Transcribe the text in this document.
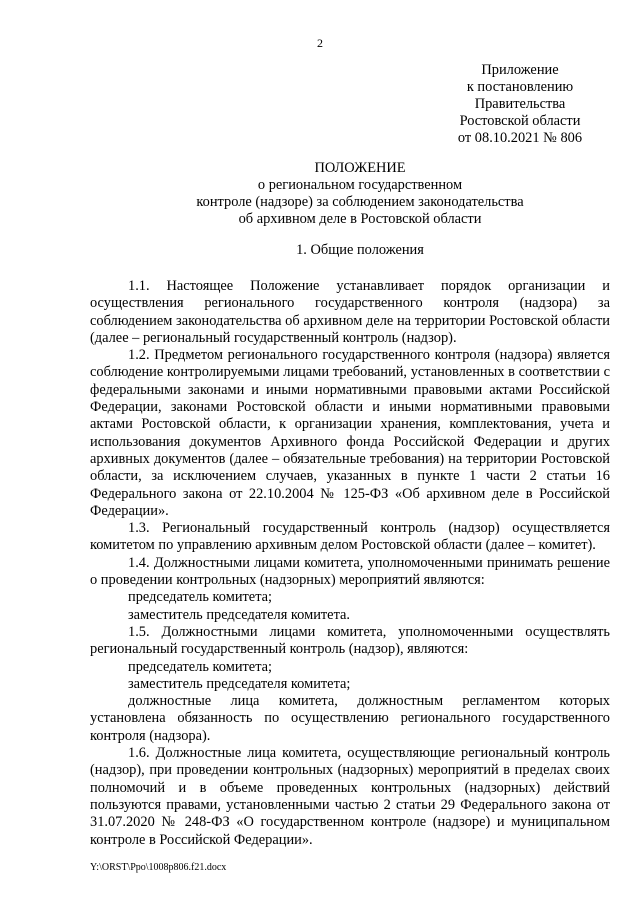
2
Приложение
к постановлению
Правительства
Ростовской области
от 08.10.2021 № 806
ПОЛОЖЕНИЕ
о региональном государственном
контроле (надзоре) за соблюдением законодательства
об архивном деле в Ростовской области
1. Общие положения

1.1. Настоящее Положение устанавливает порядок организации и осуществления регионального государственного контроля (надзора) за соблюдением законодательства об архивном деле на территории Ростовской области (далее – региональный государственный контроль (надзор).

1.2. Предметом регионального государственного контроля (надзора) является соблюдение контролируемыми лицами требований, установленных в соответствии с федеральными законами и иными нормативными правовыми актами Российской Федерации, законами Ростовской области и иными нормативными правовыми актами Ростовской области, к организации хранения, комплектования, учета и использования документов Архивного фонда Российской Федерации и других архивных документов (далее – обязательные требования) на территории Ростовской области, за исключением случаев, указанных в пункте 1 части 2 статьи 16 Федерального закона от 22.10.2004 № 125-ФЗ «Об архивном деле в Российской Федерации».

1.3. Региональный государственный контроль (надзор) осуществляется комитетом по управлению архивным делом Ростовской области (далее – комитет).

1.4. Должностными лицами комитета, уполномоченными принимать решение о проведении контрольных (надзорных) мероприятий являются:

председатель комитета;

заместитель председателя комитета.

1.5. Должностными лицами комитета, уполномоченными осуществлять региональный государственный контроль (надзор), являются:

председатель комитета;

заместитель председателя комитета;

должностные лица комитета, должностным регламентом которых установлена обязанность по осуществлению регионального государственного контроля (надзора).

1.6. Должностные лица комитета, осуществляющие региональный контроль (надзор), при проведении контрольных (надзорных) мероприятий в пределах своих полномочий и в объеме проведенных контрольных (надзорных) действий пользуются правами, установленными частью 2 статьи 29 Федерального закона от 31.07.2020 № 248-ФЗ «О государственном контроле (надзоре) и муниципальном контроле в Российской Федерации».

Y:\ORST\Ppo\1008p806.f21.docx
